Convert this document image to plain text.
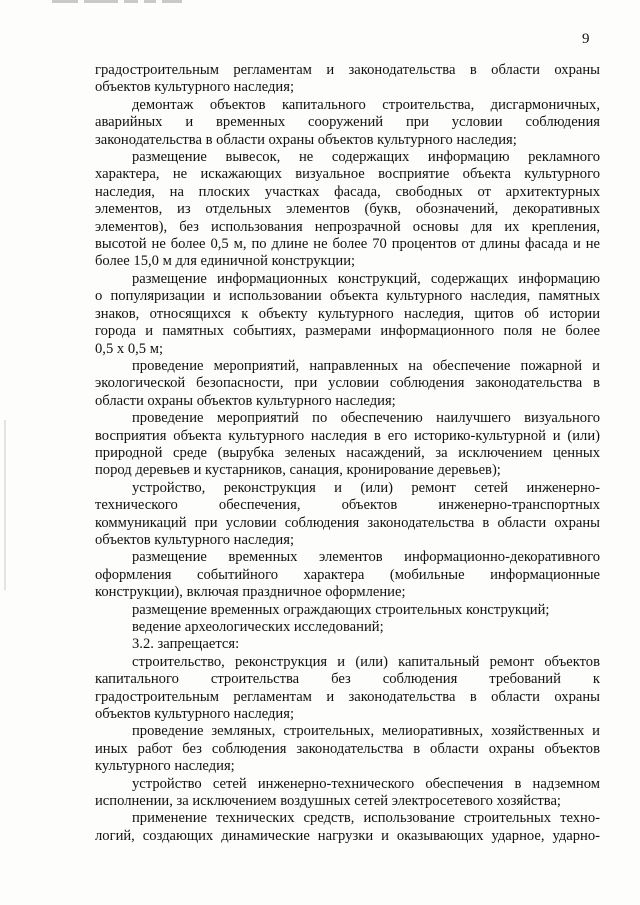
9
градостроительным регламентам и законодательства в области охраны
объектов культурного наследия;
демонтаж объектов капитального строительства, дисгармоничных,
аварийных и временных сооружений при условии соблюдения
законодательства в области охраны объектов культурного наследия;
размещение вывесок, не содержащих информацию рекламного
характера, не искажающих визуальное восприятие объекта культурного
наследия, на плоских участках фасада, свободных от архитектурных
элементов, из отдельных элементов (букв, обозначений, декоративных
элементов), без использования непрозрачной основы для их крепления,
высотой не более 0,5 м, по длине не более 70 процентов от длины фасада и не
более 15,0 м для единичной конструкции;
размещение информационных конструкций, содержащих информацию
о популяризации и использовании объекта культурного наследия, памятных
знаков, относящихся к объекту культурного наследия, щитов об истории
города и памятных событиях, размерами информационного поля не более
0,5 х 0,5 м;
проведение мероприятий, направленных на обеспечение пожарной и
экологической безопасности, при условии соблюдения законодательства в
области охраны объектов культурного наследия;
проведение мероприятий по обеспечению наилучшего визуального
восприятия объекта культурного наследия в его историко-культурной и (или)
природной среде (вырубка зеленых насаждений, за исключением ценных
пород деревьев и кустарников, санация, кронирование деревьев);
устройство, реконструкция и (или) ремонт сетей инженерно-
технического обеспечения, объектов инженерно-транспортных
коммуникаций при условии соблюдения законодательства в области охраны
объектов культурного наследия;
размещение временных элементов информационно-декоративного
оформления событийного характера (мобильные информационные
конструкции), включая праздничное оформление;
размещение временных ограждающих строительных конструкций;
ведение археологических исследований;
3.2. запрещается:
строительство, реконструкция и (или) капитальный ремонт объектов
капитального строительства без соблюдения требований к
градостроительным регламентам и законодательства в области охраны
объектов культурного наследия;
проведение земляных, строительных, мелиоративных, хозяйственных и
иных работ без соблюдения законодательства в области охраны объектов
культурного наследия;
устройство сетей инженерно-технического обеспечения в надземном
исполнении, за исключением воздушных сетей электросетевого хозяйства;
применение технических средств, использование строительных техно-
логий, создающих динамические нагрузки и оказывающих ударное, ударно-
